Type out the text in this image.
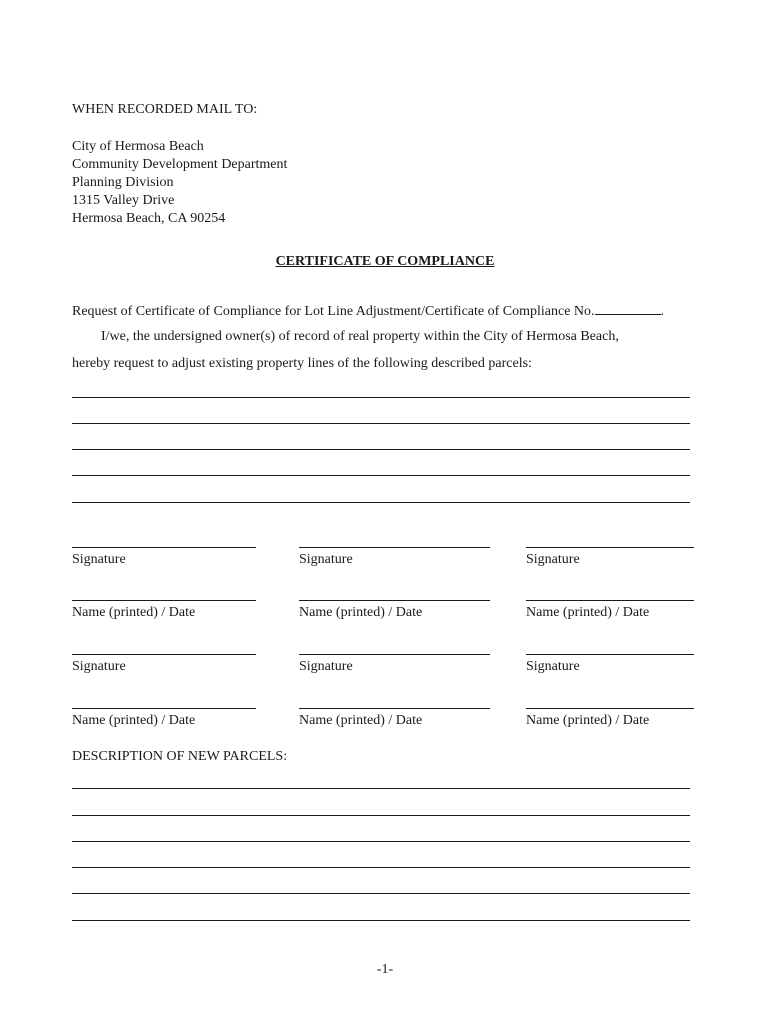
WHEN RECORDED MAIL TO:
City of Hermosa Beach
Community Development Department
Planning Division
1315 Valley Drive
Hermosa Beach, CA 90254
CERTIFICATE OF COMPLIANCE
Request of Certificate of Compliance for Lot Line Adjustment/Certificate of Compliance No.	.
I/we, the undersigned owner(s) of record of real property within the City of Hermosa Beach,
hereby request to adjust existing property lines of the following described parcels:
Signature	Signature	Signature
Name (printed) / Date	Name (printed) / Date	Name (printed) / Date
Signature	Signature	Signature
Name (printed) / Date	Name (printed) / Date	Name (printed) / Date
DESCRIPTION OF NEW PARCELS:
-1-
